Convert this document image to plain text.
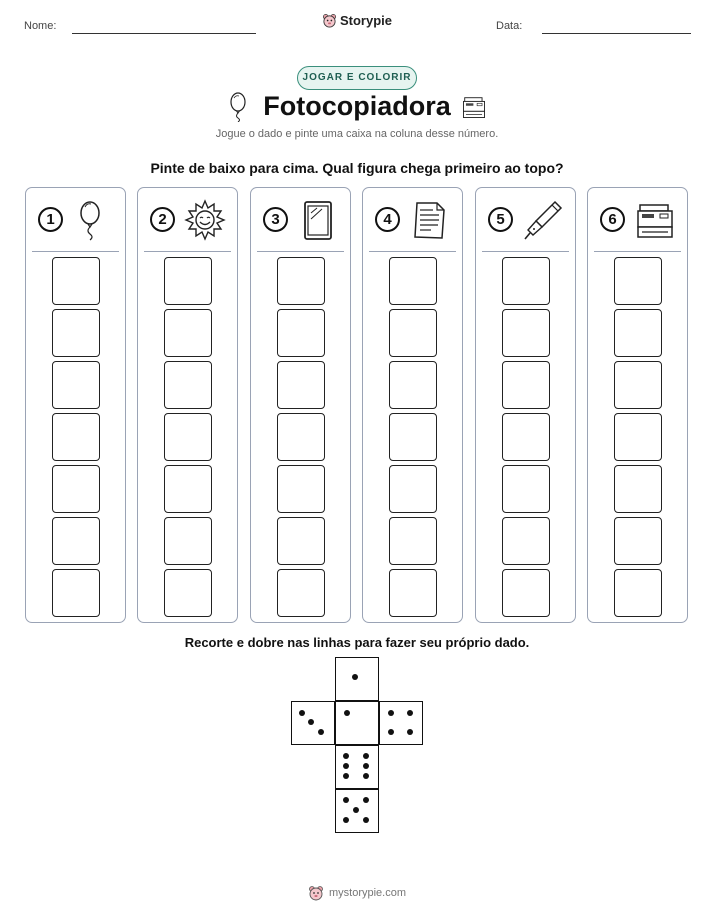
Nome:	Storypie	Data:
JOGAR E COLORIR
Fotocopiadora
Jogue o dado e pinte uma caixa na coluna desse número.
Pinte de baixo para cima. Qual figura chega primeiro ao topo?
1	2	3	4	5	6
Recorte e dobre nas linhas para fazer seu próprio dado.
mystorypie.com
